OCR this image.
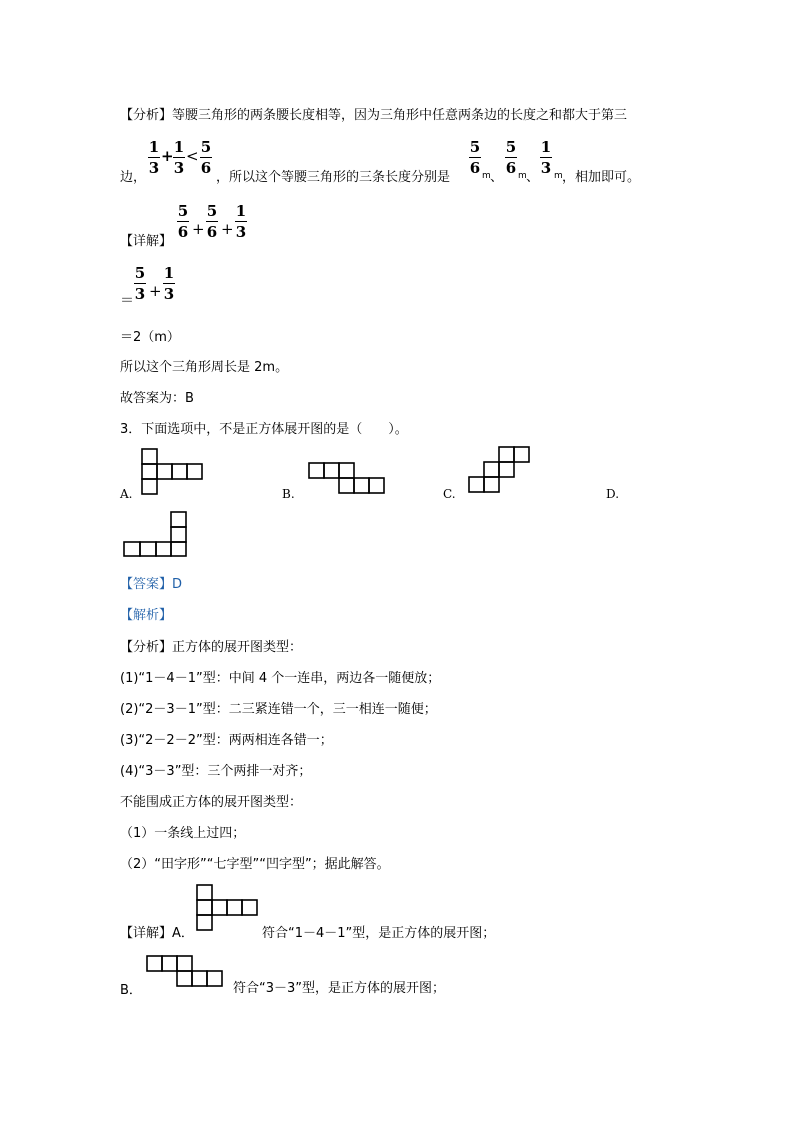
【分析】等腰三角形的两条腰长度相等，因为三角形中任意两条边的长度之和都大于第三
边，
1
3
+ 1
3
< 5
6
，所以这个等腰三角形的三条长度分别是
5
6 m 、
5
6 m 、
1
3 m ，相加即可。
【详解】
5
6 +
5
6 +
1
3
＝
5
3 +
1
3
＝2（m）
所以这个三角形周长是 2m。
故答案为：B
3．下面选项中，不是正方体展开图的是（　　）。
A.	B.	C.	D.
【答案】D
【解析】
【分析】正方体的展开图类型：
(1)“1－4－1”型：中间 4 个一连串，两边各一随便放；
(2)“2－3－1”型：二三紧连错一个，三一相连一随便；
(3)“2－2－2”型：两两相连各错一；
(4)“3－3”型：三个两排一对齐；
不能围成正方体的展开图类型：
（1）一条线上过四；
（2）“田字形”“七字型”“凹字型”；据此解答。
【详解】A．	符合“1－4－1”型，是正方体的展开图；
B．	符合“3－3”型，是正方体的展开图；
